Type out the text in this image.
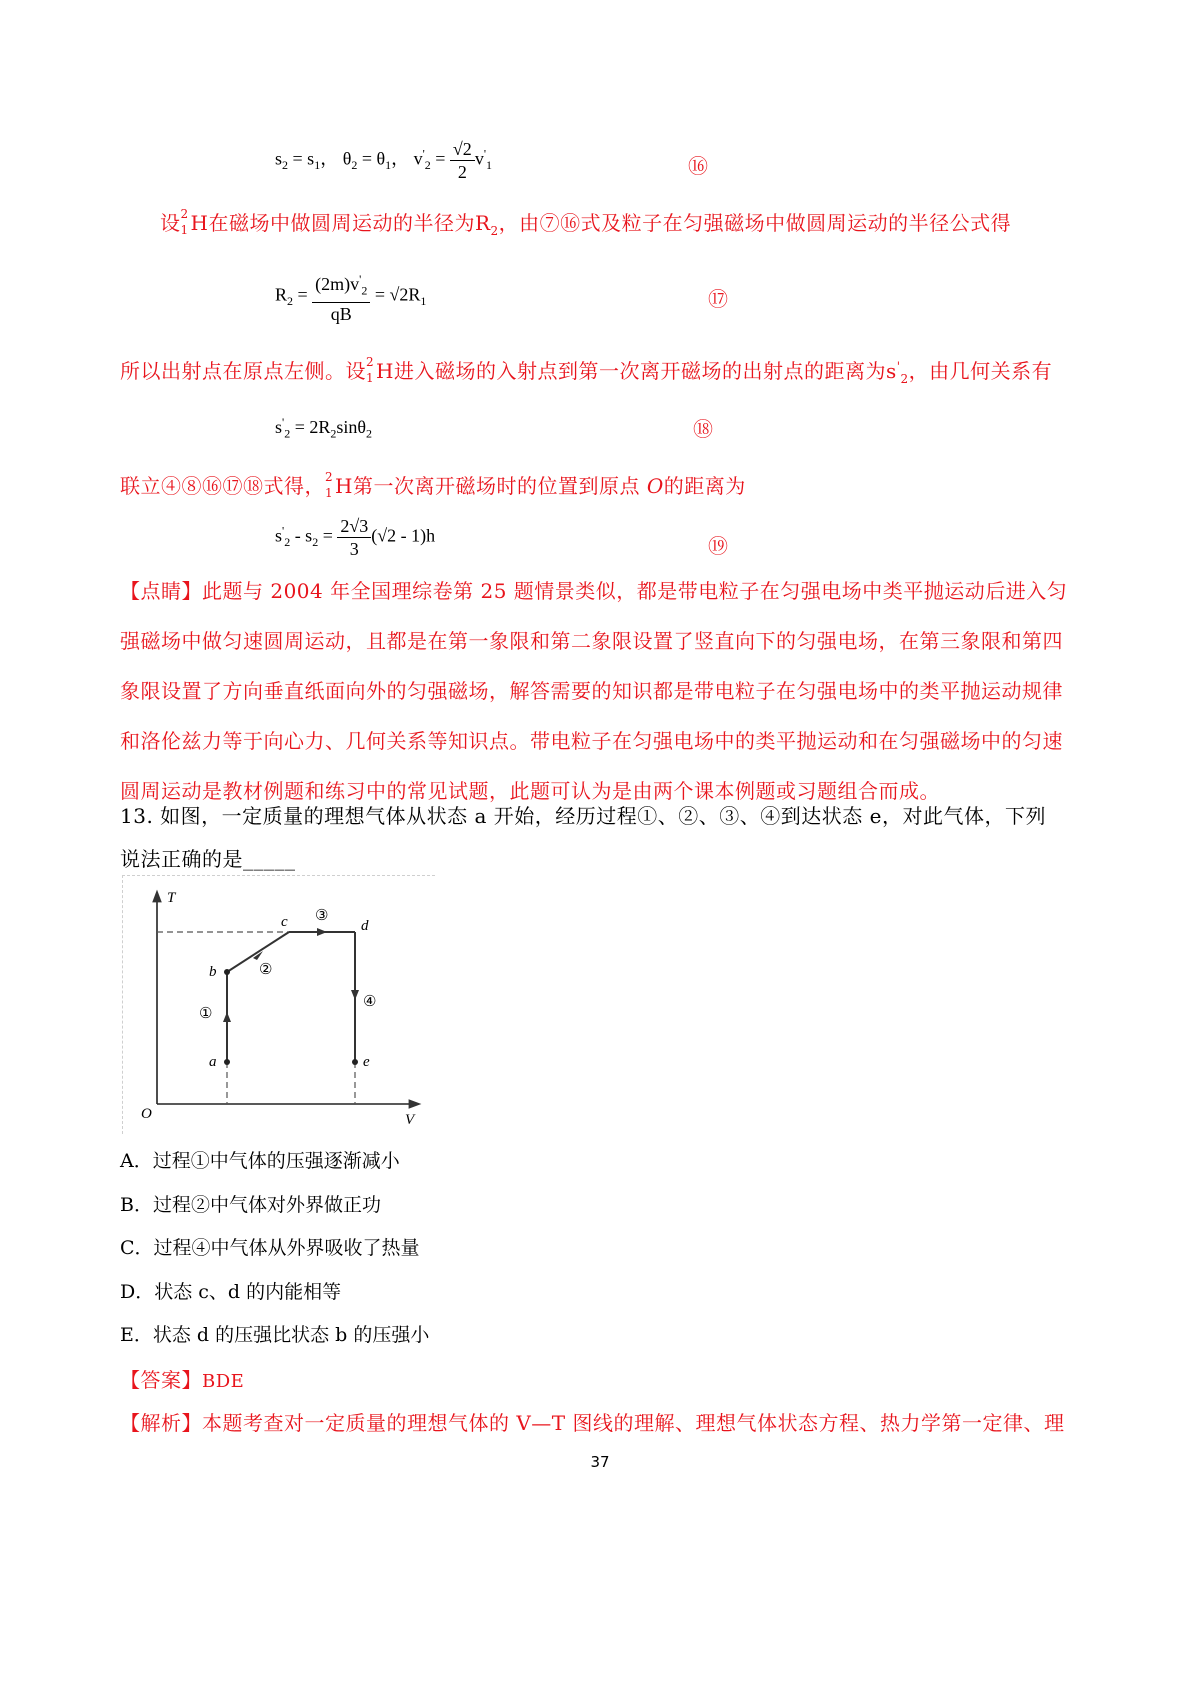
$s_2 = s_1$， $\theta_2 = \theta_1$， $v'_2 = \frac{√2}{2} v'_1$	⑯
设 2
1 H在磁场中做圆周运动的半径为$R_2$，由⑦⑯式及粒子在匀强磁场中做圆周运动的半径公式得
$R_2 = \frac{(2m)v'_2}{qB} = √2R_1$	⑰
所以出射点在原点左侧。设 2
1 H进入磁场的入射点到第一次离开磁场的出射点的距离为$s'_2$，由几何关系有
$s'_2 = 2R_2\sin\theta_2$	⑱
联立④⑧⑯⑰⑱式得， 2
1 H第一次离开磁场时的位置到原点 O的距离为
$s'_2 - s_2 = \frac{2√3}{3} (√2 - 1)h$	⑲
【点睛】此题与 2004 年全国理综卷第 25 题情景类似，都是带电粒子在匀强电场中类平抛运动后进入匀强磁场中做匀速圆周运动，且都是在第一象限和第二象限设置了竖直向下的匀强电场，在第三象限和第四象限设置了方向垂直纸面向外的匀强磁场，解答需要的知识都是带电粒子在匀强电场中的类平抛运动规律和洛伦兹力等于向心力、几何关系等知识点。带电粒子在匀强电场中的类平抛运动和在匀强磁场中的匀速圆周运动是教材例题和练习中的常见试题，此题可认为是由两个课本例题或习题组合而成。
13. 如图，一定质量的理想气体从状态 a 开始，经历过程①、②、③、④到达状态 e，对此气体，下列
说法正确的是_____
T
V
O
a
b
c	d
e
①
②
③
④
A．过程①中气体的压强逐渐减小
B．过程②中气体对外界做正功
C．过程④中气体从外界吸收了热量
D．状态 c、d 的内能相等
E．状态 d 的压强比状态 b 的压强小
【答案】BDE
【解析】本题考查对一定质量的理想气体的 V—T 图线的理解、理想气体状态方程、热力学第一定律、理
37
